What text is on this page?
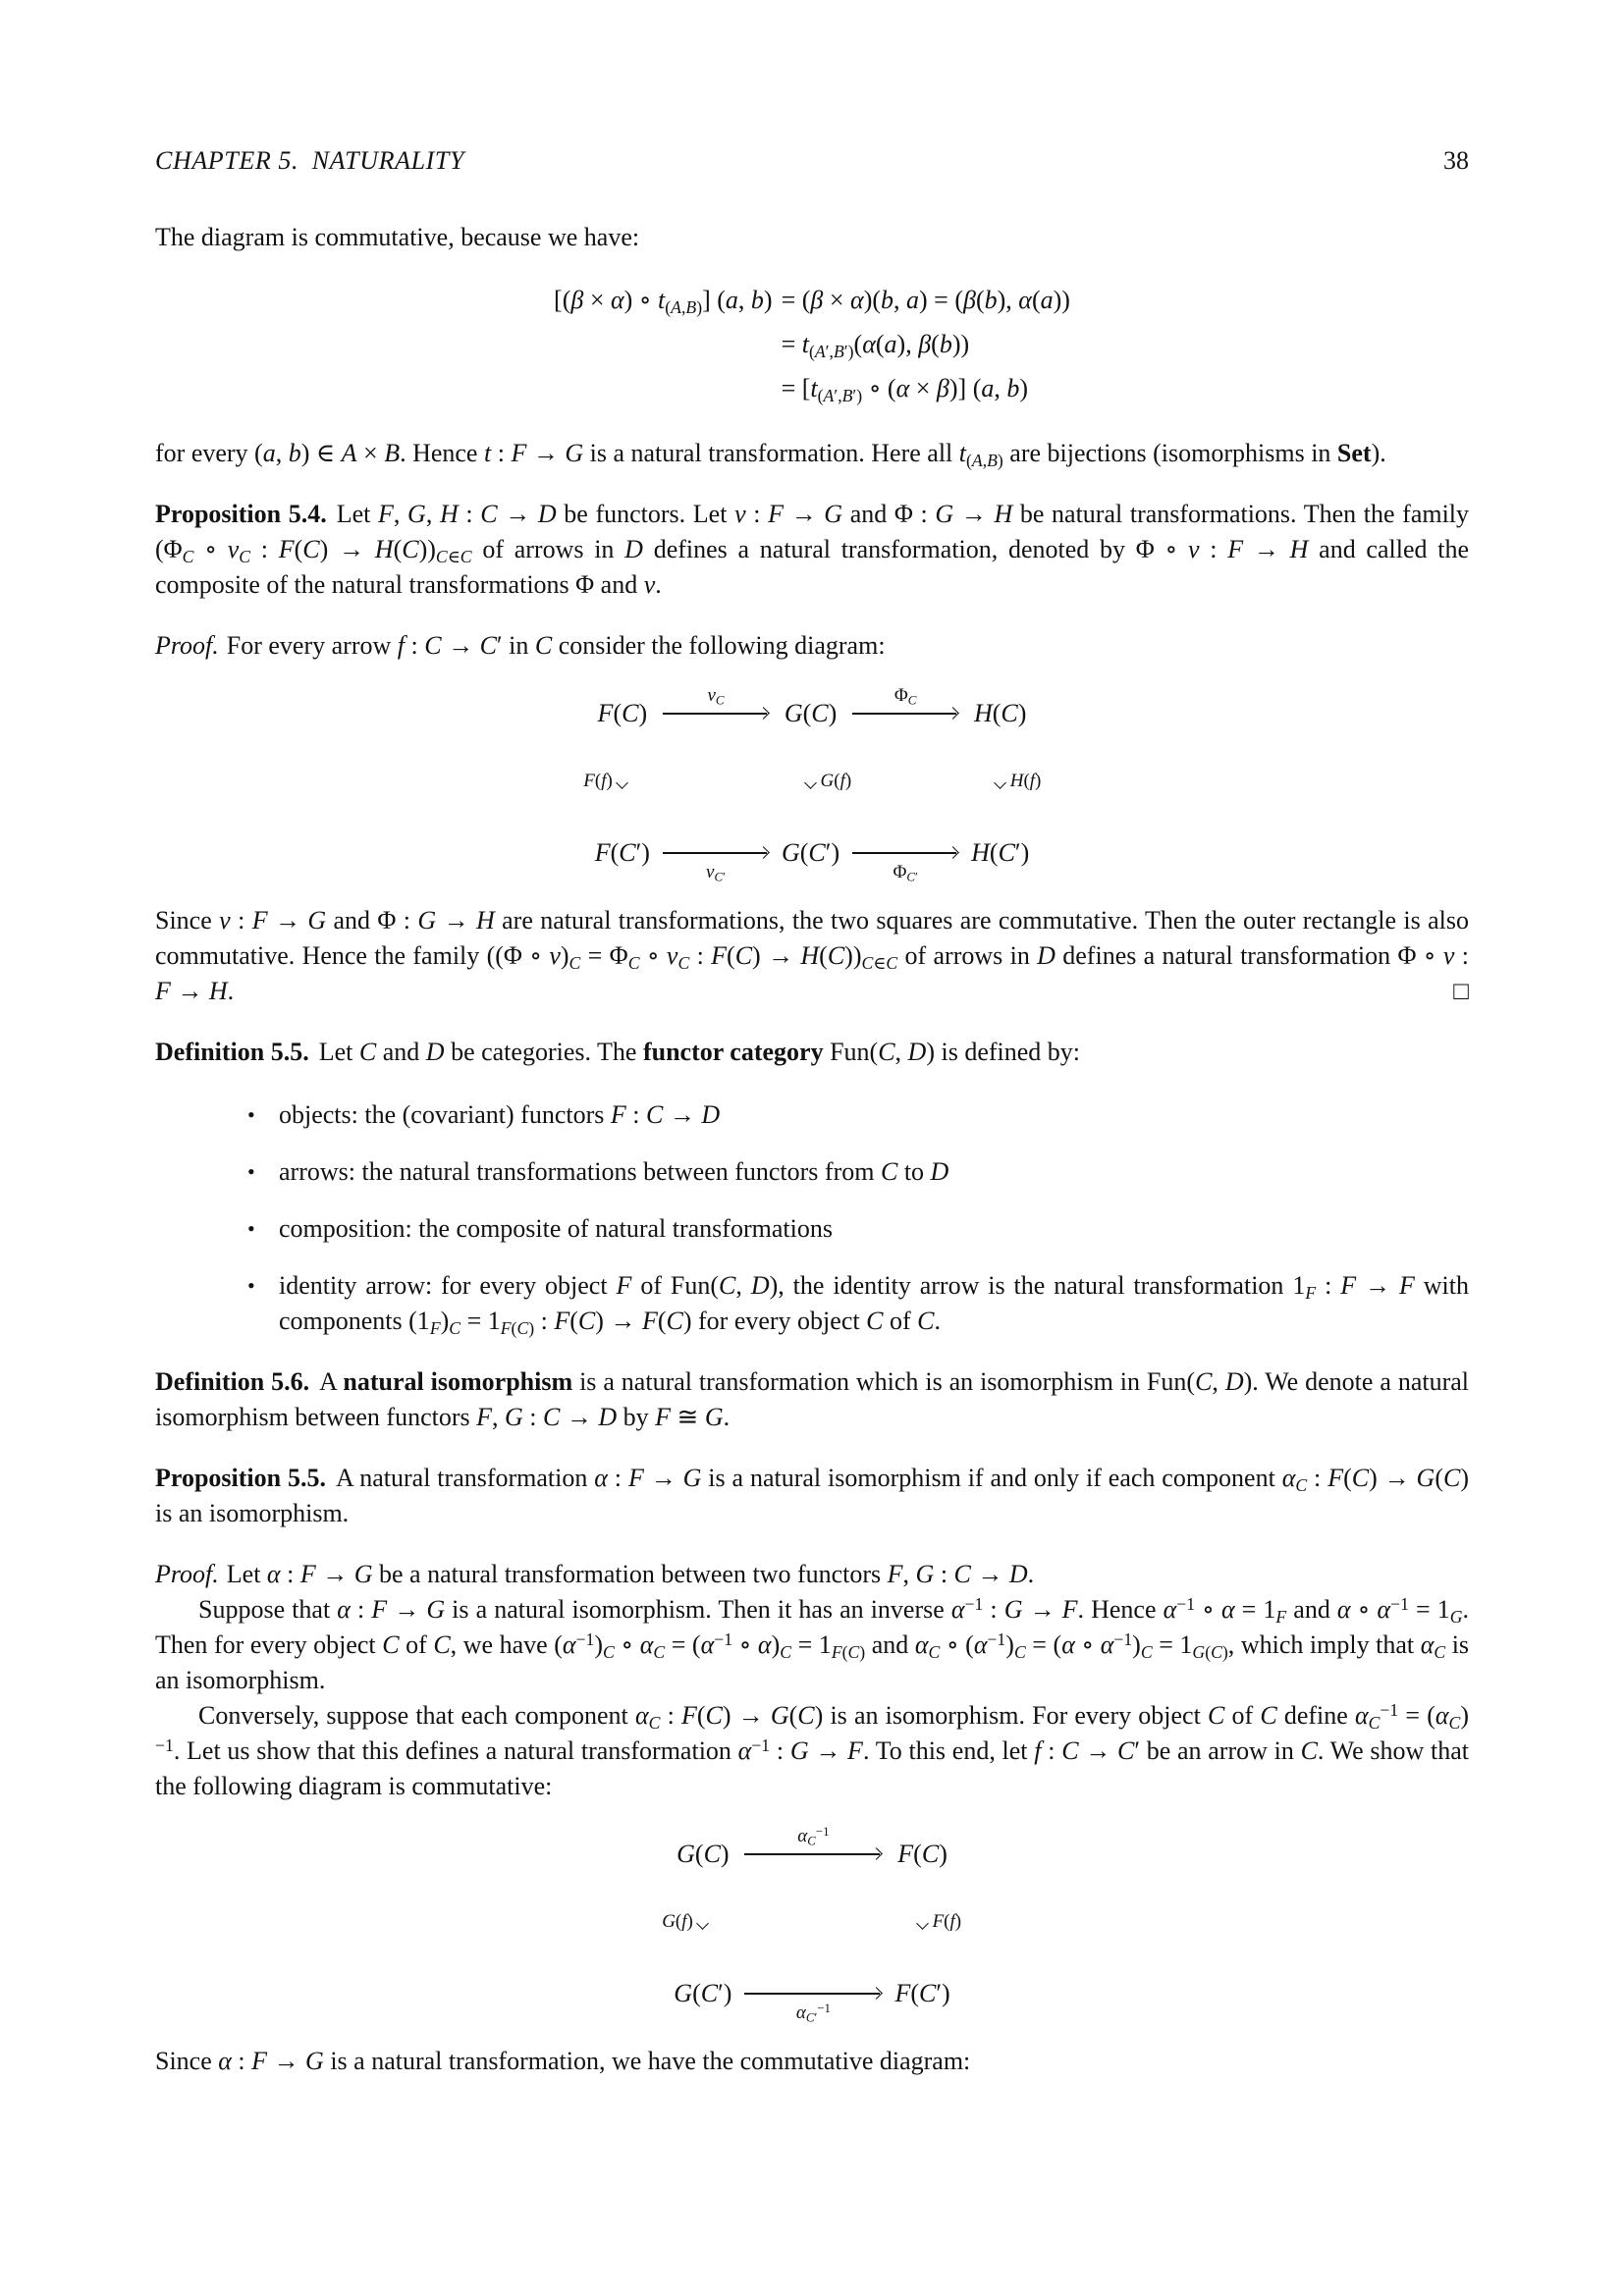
CHAPTER 5. NATURALITY	38

The diagram is commutative, because we have:

[(β × α) ∘ $t_{(A,B)}$] (a, b) = (β × α)(b, a) = (β(b), α(a))
= $t_{(A',B')}(\alpha(a)$, β(b))
= [$t_{(A',B')}$ ∘ (α × β)] (a, b)

for every (a, b) ∈ A × B. Hence t : F → G is a natural transformation. Here all $t_{(A,B)}$ are bijections (isomorphisms in Set).

Proposition 5.4. Let F, G, H : C → D be functors. Let ν : F → G and Φ : G → H be natural transformations. Then the family ($\Phi_C$ ∘ $\nu_C$ : $F(C) \to H(C))_{C\in C}$ of arrows in D defines a natural transformation, denoted by Φ ∘ ν : F → H and called the composite of the natural transformations Φ and ν.

Proof. For every arrow f : C → C′ in C consider the following diagram:

F(C)
$\nu_C$	G(C)
$\Phi_C$	H(C)
F(f)	G(f)	H(f)
F(C′)
$\nu_{C'}$
G(C′)
$\Phi_{C'}$
H(C′)

Since ν : F → G and Φ : G → H are natural transformations, the two squares are commutative. Then the outer rectangle is also commutative. Hence the family ((Φ ∘ $\nu)_C = \Phi_C$ ∘ $\nu_C$ : $F(C) \to H(C))_{C\in C}$ of arrows in D defines a natural transformation Φ ∘ ν : F → H.	□

Definition 5.5. Let C and D be categories. The functor category Fun(C, D) is defined by:

• objects: the (covariant) functors F : C → D
• arrows: the natural transformations between functors from C to D
• composition: the composite of natural transformations
• identity arrow: for every object F of Fun(C, D), the identity arrow is the natural transformation $1_F$ : F → F with components $(1_F)_C = 1_{F(C)}$ : F(C) → F(C) for every object C of C.

Definition 5.6. A natural isomorphism is a natural transformation which is an isomorphism in Fun(C, D). We denote a natural isomorphism between functors F, G : C → D by F ≅ G.

Proposition 5.5. A natural transformation α : F → G is a natural isomorphism if and only if each component $\alpha_C$ : F(C) → G(C) is an isomorphism.

Proof. Let α : F → G be a natural transformation between two functors F, G : C → D.

Suppose that α : F → G is a natural isomorphism. Then it has an inverse $\alpha^{-1}$ : G → F. Hence $\alpha^{-1}$ ∘ $\alpha = 1_F$ and α ∘ $\alpha^{-1} = 1_G$. Then for every object C of C, we have $(\alpha^{-1})_C$ ∘ $\alpha_C = (\alpha^{-1}$ ∘ $\alpha)_C = 1_{F(C)}$ and $\alpha_C$ ∘ $(\alpha^{-1})_C = (\alpha$ ∘ $\alpha^{-1})_C = 1_{G(C)}$, which imply that $\alpha_C$ is an isomorphism.

Conversely, suppose that each component $\alpha_C$ : F(C) → G(C) is an isomorphism. For every object C of C define $\alpha_C^{-1} = (\alpha_C)^{-1}$. Let us show that this defines a natural transformation $\alpha^{-1}$ : G → F. To this end, let f : C → C′ be an arrow in C. We show that the following diagram is commutative:

G(C)
$\alpha_C^{-1}$
F(C)
G(f)	F(f)
G(C′)
$\alpha_{C'}^{-1}$
F(C′)

Since α : F → G is a natural transformation, we have the commutative diagram:
